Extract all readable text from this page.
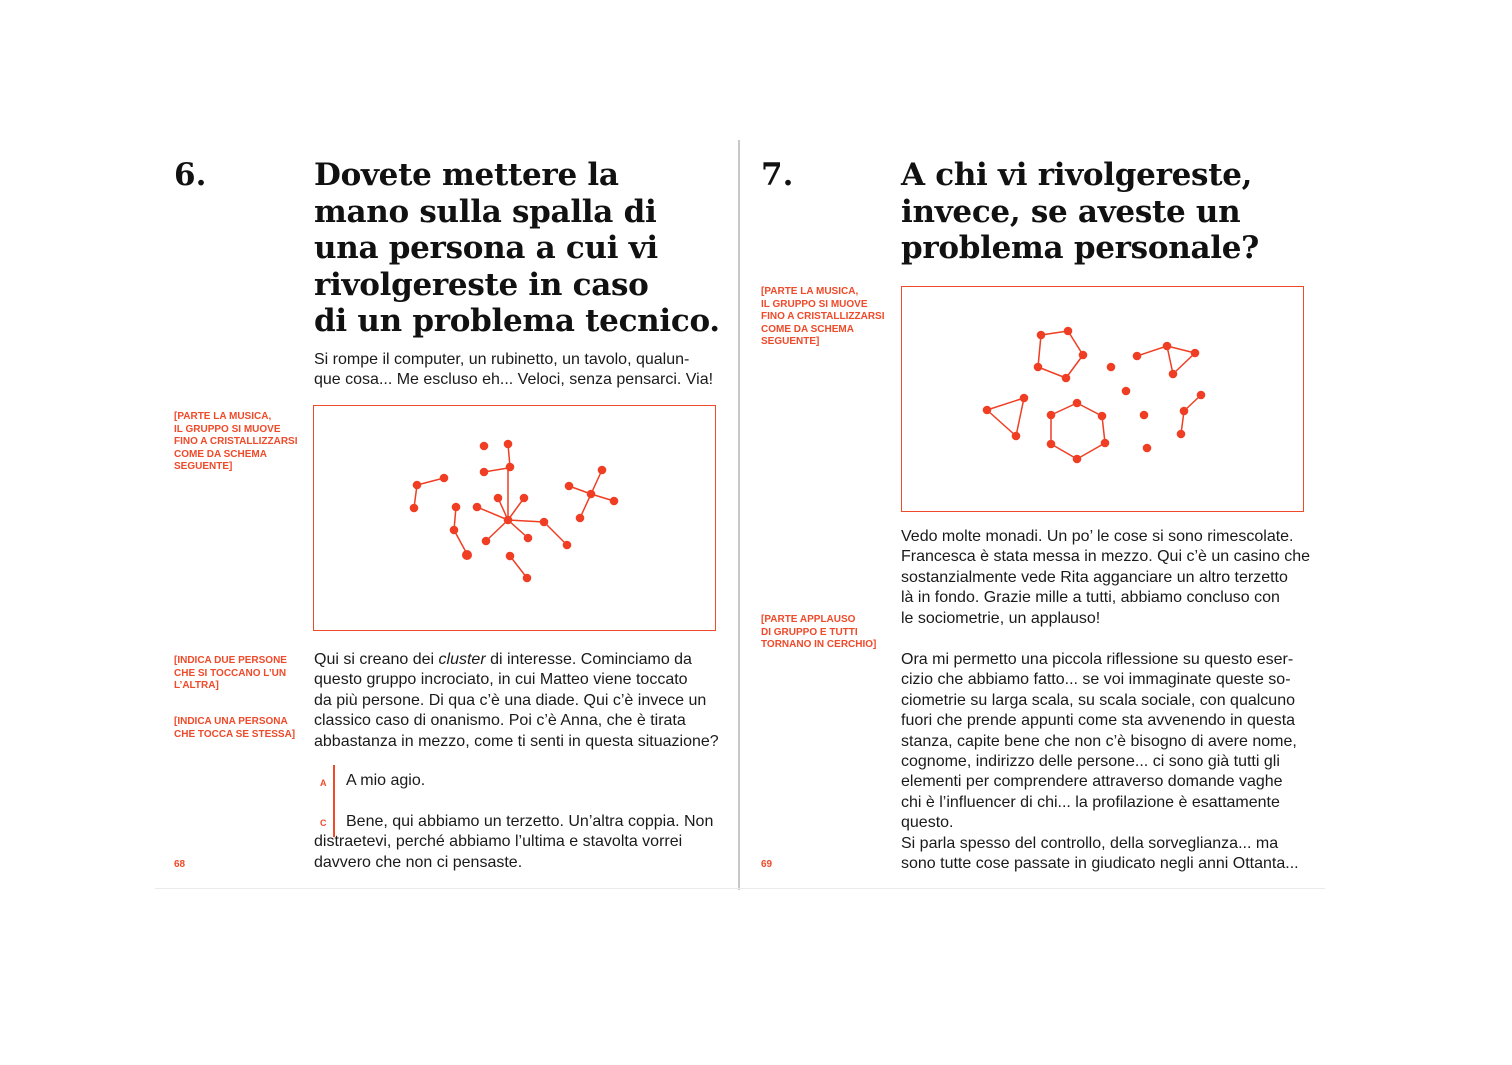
6.	Dovete mettere la
mano sulla spalla di
una persona a cui vi
rivolgereste in caso
di un problema tecnico.
Si rompe il computer, un rubinetto, un tavolo, qualun-
que cosa... Me escluso eh... Veloci, senza pensarci. Via!
[PARTE LA MUSICA,
IL GRUPPO SI MUOVE
FINO A CRISTALLIZZARSI
COME DA SCHEMA
SEGUENTE]
[INDICA DUE PERSONE
CHE SI TOCCANO L’UN
L’ALTRA]
[INDICA UNA PERSONA
CHE TOCCA SE STESSA]
Qui si creano dei cluster di interesse. Cominciamo da
questo gruppo incrociato, in cui Matteo viene toccato
da più persone. Di qua c’è una diade. Qui c’è invece un
classico caso di onanismo. Poi c’è Anna, che è tirata
abbastanza in mezzo, come ti senti in questa situazione?
A A mio agio.
C	Bene, qui abbiamo un terzetto. Un’altra coppia. Non
distraetevi, perché abbiamo l’ultima e stavolta vorrei
davvero che non ci pensaste.
68
7.	A chi vi rivolgereste,
invece, se aveste un
problema personale?
[PARTE LA MUSICA,
IL GRUPPO SI MUOVE
FINO A CRISTALLIZZARSI
COME DA SCHEMA
SEGUENTE]
Vedo molte monadi. Un po’ le cose si sono rimescolate.
Francesca è stata messa in mezzo. Qui c’è un casino che
sostanzialmente vede Rita agganciare un altro terzetto
là in fondo. Grazie mille a tutti, abbiamo concluso con
le sociometrie, un applauso!
[PARTE APPLAUSO
DI GRUPPO E TUTTI
TORNANO IN CERCHIO]
Ora mi permetto una piccola riflessione su questo eser-
cizio che abbiamo fatto... se voi immaginate queste so-
ciometrie su larga scala, su scala sociale, con qualcuno
fuori che prende appunti come sta avvenendo in questa
stanza, capite bene che non c’è bisogno di avere nome,
cognome, indirizzo delle persone... ci sono già tutti gli
elementi per comprendere attraverso domande vaghe
chi è l’influencer di chi... la profilazione è esattamente
questo.
Si parla spesso del controllo, della sorveglianza... ma
sono tutte cose passate in giudicato negli anni Ottanta...
69
